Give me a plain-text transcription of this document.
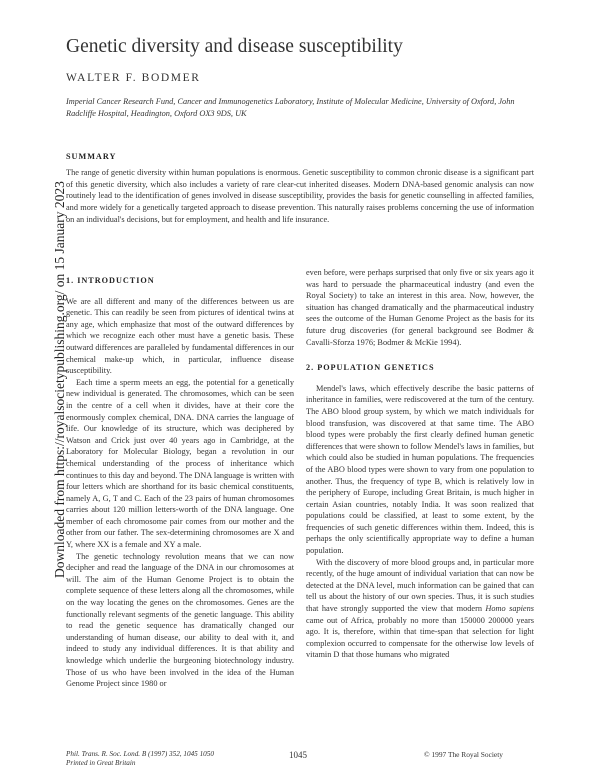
Downloaded from https://royalsocietypublishing.org/ on 15 January 2023
Genetic diversity and disease susceptibility
WALTER F. BODMER
Imperial Cancer Research Fund, Cancer and Immunogenetics Laboratory, Institute of Molecular Medicine, University of Oxford, John Radcliffe Hospital, Headington, Oxford OX3 9DS, UK
SUMMARY
The range of genetic diversity within human populations is enormous. Genetic susceptibility to common chronic disease is a significant part of this genetic diversity, which also includes a variety of rare clear-cut inherited diseases. Modern DNA-based genomic analysis can now routinely lead to the identification of genes involved in disease susceptibility, provides the basis for genetic counselling in affected families, and more widely for a genetically targeted approach to disease prevention. This naturally raises problems concerning the use of information on an individual's decisions, but for employment, and health and life insurance.

1. INTRODUCTION

We are all different and many of the differences between us are genetic. This can readily be seen from pictures of identical twins at any age, which emphasize that most of the outward differences by which we recognize each other must have a genetic basis. These outward differences are paralleled by fundamental differences in our chemical make-up which, in particular, influence disease susceptibility.

Each time a sperm meets an egg, the potential for a genetically new individual is generated. The chromosomes, which can be seen in the centre of a cell when it divides, have at their core the enormously complex chemical, DNA. DNA carries the language of life. Our knowledge of its structure, which was deciphered by Watson and Crick just over 40 years ago in Cambridge, at the Laboratory for Molecular Biology, began a revolution in our chemical understanding of the process of inheritance which continues to this day and beyond. The DNA language is written with four letters which are shorthand for its basic chemical constituents, namely A, G, T and C. Each of the 23 pairs of human chromosomes carries about 120 million letters-worth of the DNA language. One member of each chromosome pair comes from our mother and the other from our father. The sex-determining chromosomes are X and Y, where XX is a female and XY a male.

The genetic technology revolution means that we can now decipher and read the language of the DNA in our chromosomes at will. The aim of the Human Genome Project is to obtain the complete sequence of these letters along all the chromosomes, while on the way locating the genes on the chromosomes. Genes are the functionally relevant segments of the genetic language. This ability to read the genetic sequence has dramatically changed our understanding of human disease, our ability to deal with it, and indeed to study any individual differences. It is that ability and knowledge which underlie the burgeoning biotechnology industry. Those of us who have been involved in the idea of the Human Genome Project since 1980 or

even before, were perhaps surprised that only five or six years ago it was hard to persuade the pharmaceutical industry (and even the Royal Society) to take an interest in this area. Now, however, the situation has changed dramatically and the pharmaceutical industry sees the outcome of the Human Genome Project as the basis for its future drug discoveries (for general background see Bodmer & Cavalli-Sforza 1976; Bodmer & McKie 1994).

2. POPULATION GENETICS

Mendel's laws, which effectively describe the basic patterns of inheritance in families, were rediscovered at the turn of the century. The ABO blood group system, by which we match individuals for blood transfusion, was discovered at that same time. The ABO blood types were probably the first clearly defined human genetic differences that were shown to follow Mendel's laws in families, but which could also be studied in human populations. The frequencies of the ABO blood types were shown to vary from one population to another. Thus, the frequency of type B, which is relatively low in the periphery of Europe, including Great Britain, is much higher in certain Asian countries, notably India. It was soon realized that populations could be classified, at least to some extent, by the frequencies of such genetic differences within them. Indeed, this is perhaps the only scientifically appropriate way to define a human population.

With the discovery of more blood groups and, in particular more recently, of the huge amount of individual variation that can now be detected at the DNA level, much information can be gained that can tell us about the history of our own species. Thus, it is such studies that have strongly supported the view that modern Homo sapiens came out of Africa, probably no more than 150000 200000 years ago. It is, therefore, within that time-span that selection for light complexion occurred to compensate for the otherwise low levels of vitamin D that those humans who migrated

Phil. Trans. R. Soc. Lond. B (1997) 352, 1045 1050
Printed in Great Britain
1045	© 1997 The Royal Society
